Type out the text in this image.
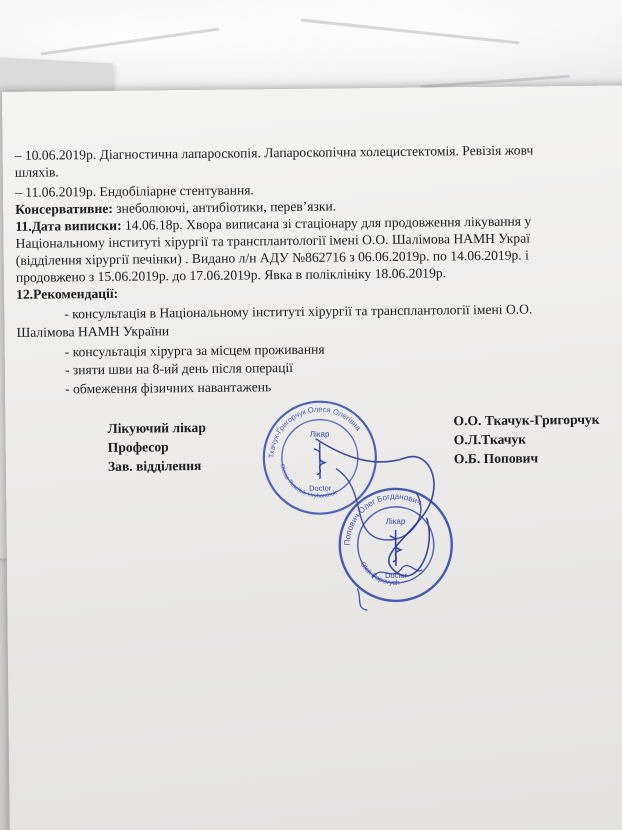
– 10.06.2019р. Діагностична лапароскопія. Лапароскопічна холецистектомія. Ревізія жовч
шляхів.
– 11.06.2019р. Ендобіліарне стентування.
Консервативне: знеболюючі, антибіотики, перев’язки.
11.Дата виписки: 14.06.18р. Хвора виписана зі стаціонару для продовження лікування у
Національному інституті хірургії та трансплантології імені О.О. Шалімова НАМН Украї
(відділення хірургії печінки) . Видано л/н АДУ №862716 з 06.06.2019р. по 14.06.2019р. і
продовжено з 15.06.2019р. до 17.06.2019р. Явка в поліклініку 18.06.2019р.
12.Рекомендації:
- консультація в Національному інституті хірургії та трансплантології імені О.О.
Шалімова НАМН України
- консультація хірурга за місцем проживання
- зняти шви на 8-ий день після операції
- обмеження фізичних навантажень
Лікуючий лікар
Професор
Зав. відділення
О.О. Ткачук-Григорчук
О.Л.Ткачук
О.Б. Попович
Ткачук-Григорчук Олеся Олегівна
Лікар
Doctor
Olesia Tkachuk-Hryhorchuk
Попович Олег Богданович
Лікар
Doctor
Oleh Popovych
